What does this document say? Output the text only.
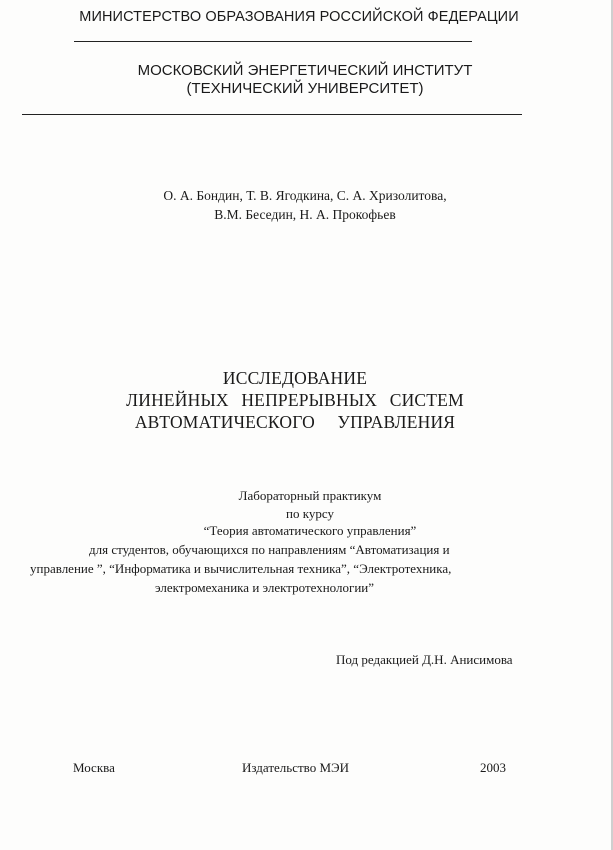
МИНИСТЕРСТВО ОБРАЗОВАНИЯ РОССИЙСКОЙ ФЕДЕРАЦИИ
МОСКОВСКИЙ ЭНЕРГЕТИЧЕСКИЙ ИНСТИТУТ
(ТЕХНИЧЕСКИЙ УНИВЕРСИТЕТ)
О. А. Бондин, Т. В. Ягодкина, С. А. Хризолитова,
В.М. Беседин, Н. А. Прокофьев
ИССЛЕДОВАНИЕ
ЛИНЕЙНЫХ НЕПРЕРЫВНЫХ СИСТЕМ
АВТОМАТИЧЕСКОГО УПРАВЛЕНИЯ
Лабораторный практикум
по курсу
“Теория автоматического управления”
для студентов, обучающихся по направлениям “Автоматизация и
управление ”, “Информатика и вычислительная техника”, “Электротехника,
электромеханика и электротехнологии”
Под редакцией Д.Н. Анисимова
Москва	Издательство МЭИ	2003
